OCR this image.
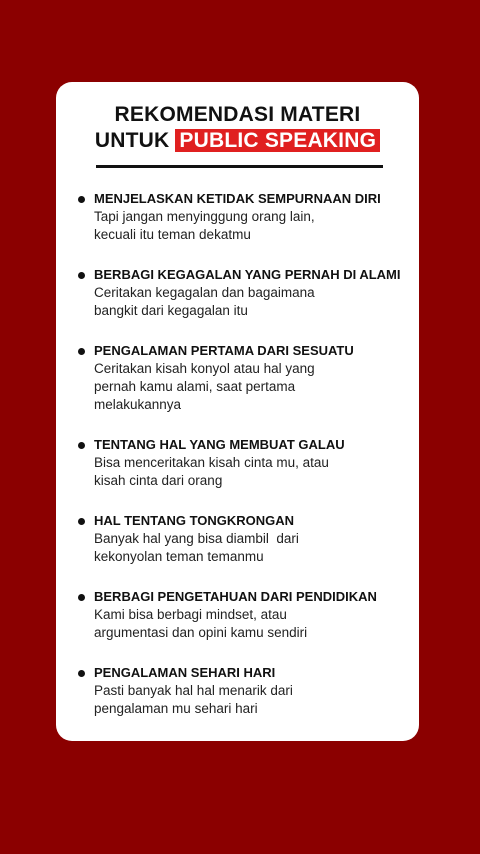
REKOMENDASI MATERI
UNTUK PUBLIC SPEAKING
MENJELASKAN KETIDAK SEMPURNAAN DIRI
Tapi jangan menyinggung orang lain,
kecuali itu teman dekatmu
BERBAGI KEGAGALAN YANG PERNAH DI ALAMI
Ceritakan kegagalan dan bagaimana
bangkit dari kegagalan itu
PENGALAMAN PERTAMA DARI SESUATU
Ceritakan kisah konyol atau hal yang
pernah kamu alami, saat pertama
melakukannya
TENTANG HAL YANG MEMBUAT GALAU
Bisa menceritakan kisah cinta mu, atau
kisah cinta dari orang
HAL TENTANG TONGKRONGAN
Banyak hal yang bisa diambil  dari
kekonyolan teman temanmu
BERBAGI PENGETAHUAN DARI PENDIDIKAN
Kami bisa berbagi mindset, atau
argumentasi dan opini kamu sendiri
PENGALAMAN SEHARI HARI
Pasti banyak hal hal menarik dari
pengalaman mu sehari hari
